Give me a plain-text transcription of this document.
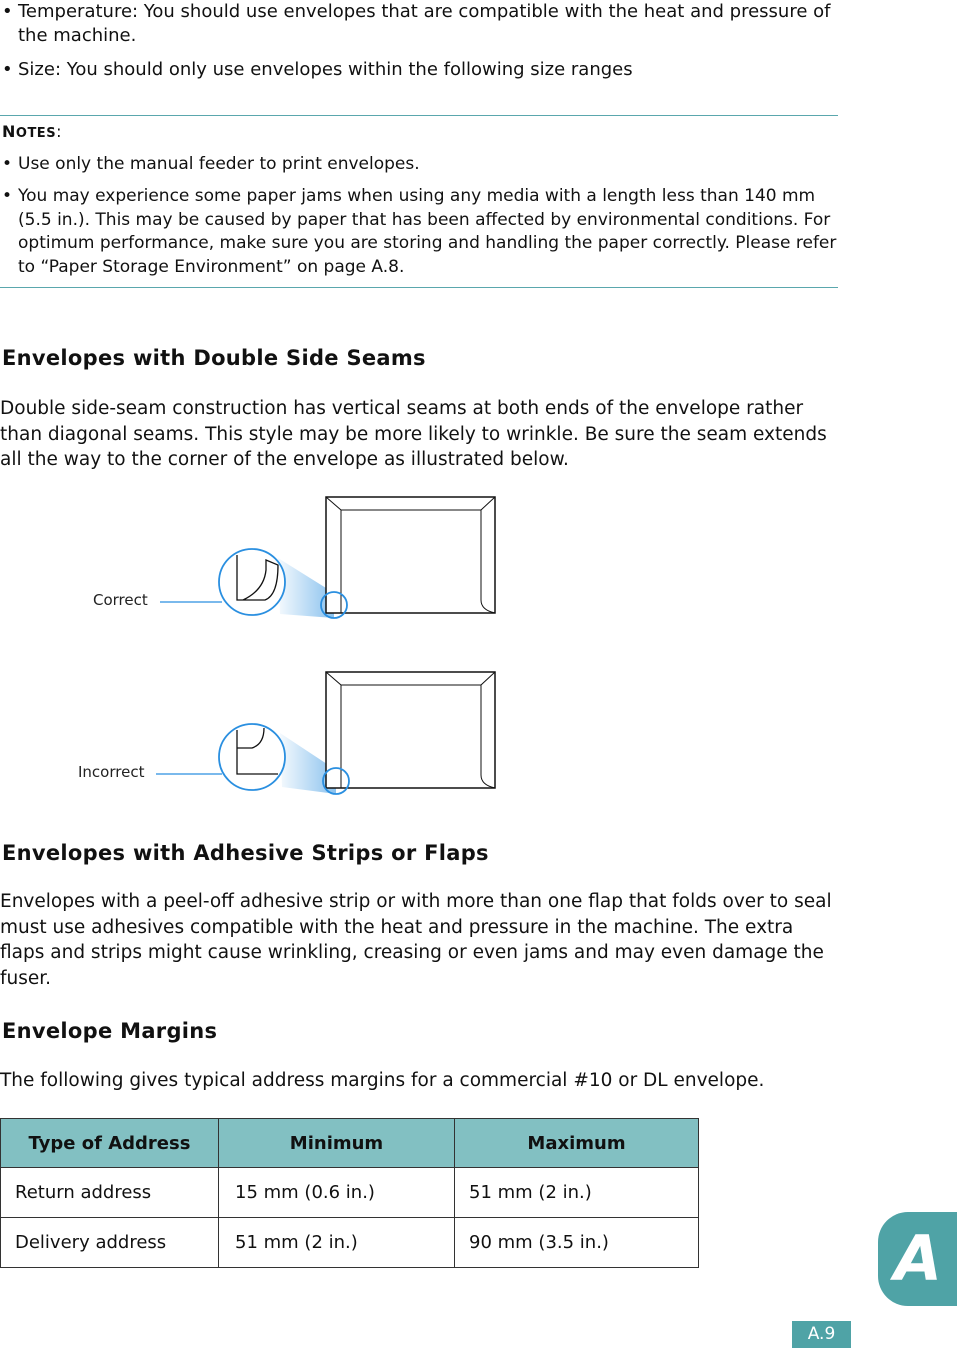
• Temperature: You should use envelopes that are compatible with the heat and pressure of the machine.
• Size: You should only use envelopes within the following size ranges
NOTES:
• Use only the manual feeder to print envelopes.
• You may experience some paper jams when using any media with a length less than 140 mm (5.5 in.). This may be caused by paper that has been affected by environmental conditions. For optimum performance, make sure you are storing and handling the paper correctly. Please refer to “Paper Storage Environment” on page A.8.
Envelopes with Double Side Seams
Double side-seam construction has vertical seams at both ends of the envelope rather than diagonal seams. This style may be more likely to wrinkle. Be sure the seam extends all the way to the corner of the envelope as illustrated below.
Correct
Incorrect
Envelopes with Adhesive Strips or Flaps
Envelopes with a peel-off adhesive strip or with more than one flap that folds over to seal must use adhesives compatible with the heat and pressure in the machine. The extra flaps and strips might cause wrinkling, creasing or even jams and may even damage the fuser.
Envelope Margins
The following gives typical address margins for a commercial #10 or DL envelope.
Type of Address	Minimum	Maximum
Return address	15 mm (0.6 in.)	51 mm (2 in.)
Delivery address	51 mm (2 in.)	90 mm (3.5 in.)	A
A.9
